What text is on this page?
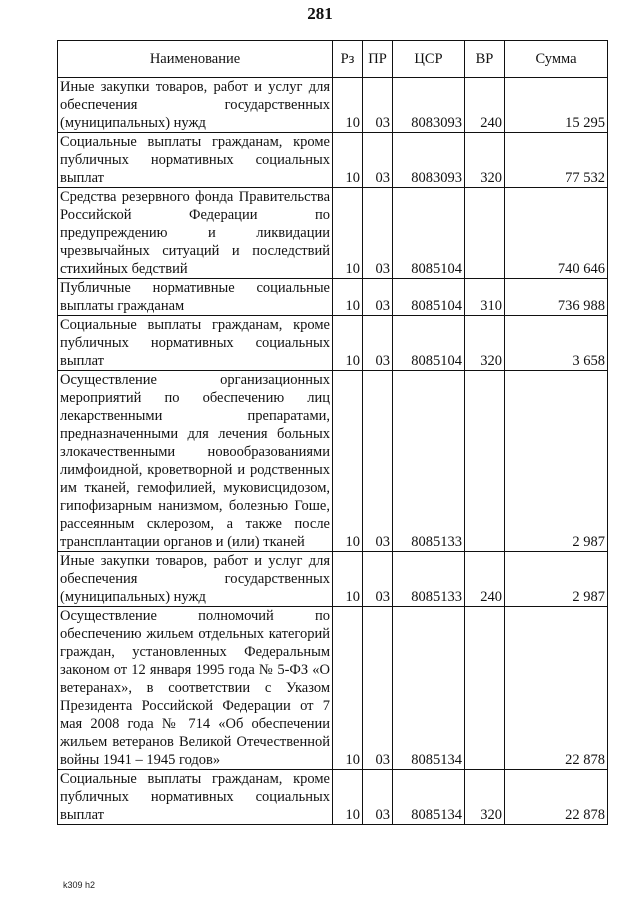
281
Наименование	Рз	ПР	ЦСР	ВР	Сумма
Иные закупки товаров, работ и услуг для обеспечения государственных (муниципальных) нужд	10	03	8083093	240	15 295
Социальные выплаты гражданам, кроме публичных нормативных социальных выплат	10	03	8083093	320	77 532
Средства резервного фонда Правительства Российской Федерации по предупреждению и ликвидации чрезвычайных ситуаций и последствий стихийных бедствий	10	03	8085104		740 646
Публичные нормативные социальные выплаты гражданам	10	03	8085104	310	736 988
Социальные выплаты гражданам, кроме публичных нормативных социальных выплат	10	03	8085104	320	3 658
Осуществление организационных мероприятий по обеспечению лиц лекарственными препаратами, предназначенными для лечения больных злокачественными новообразованиями лимфоидной, кроветворной и родственных им тканей, гемофилией, муковисцидозом, гипофизарным нанизмом, болезнью Гоше, рассеянным склерозом, а также после трансплантации органов и (или) тканей	10	03	8085133		2 987
Иные закупки товаров, работ и услуг для обеспечения государственных (муниципальных) нужд	10	03	8085133	240	2 987
Осуществление полномочий по обеспечению жильем отдельных категорий граждан, установленных Федеральным законом от 12 января 1995 года № 5-ФЗ «О ветеранах», в соответствии с Указом Президента Российской Федерации от 7 мая 2008 года № 714 «Об обеспечении жильем ветеранов Великой Отечественной войны 1941 – 1945 годов»	10	03	8085134		22 878
Социальные выплаты гражданам, кроме публичных нормативных социальных выплат	10	03	8085134	320	22 878
k309 h2
